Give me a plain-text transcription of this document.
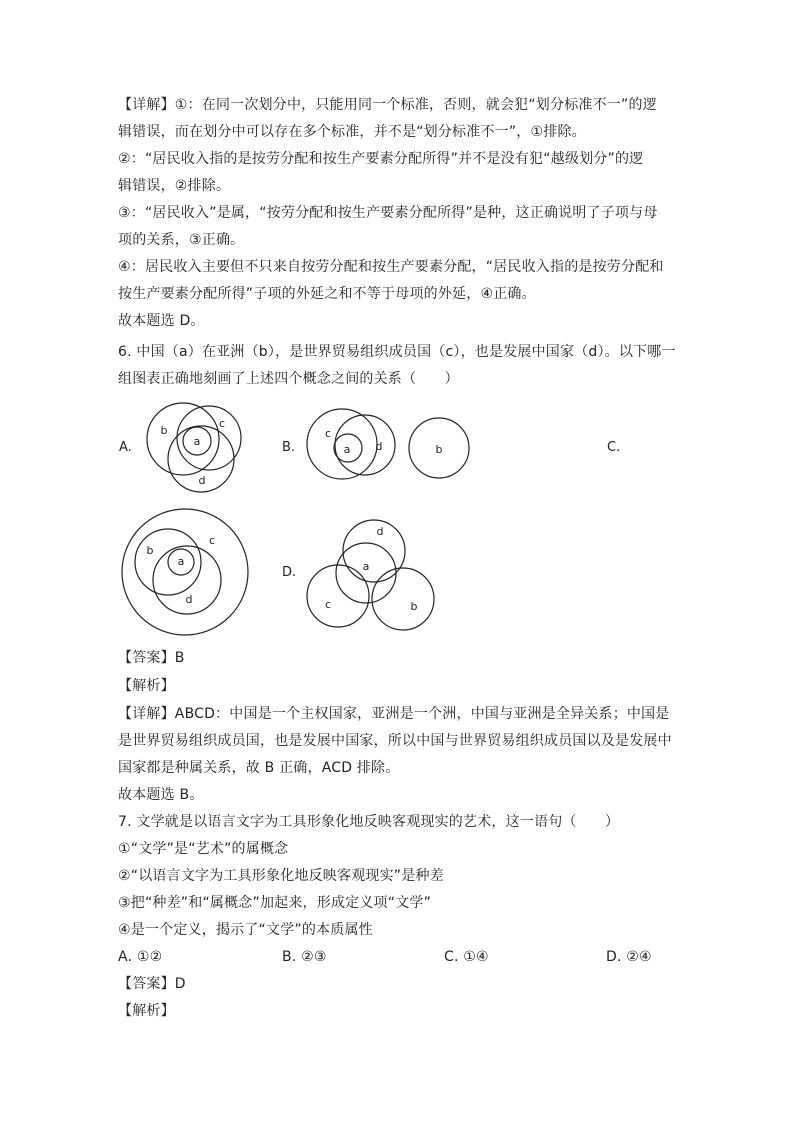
【详解】①：在同一次划分中，只能用同一个标准，否则，就会犯“划分标准不一”的逻
辑错误，而在划分中可以存在多个标准，并不是“划分标准不一”，①排除。
②：“居民收入指的是按劳分配和按生产要素分配所得”并不是没有犯“越级划分”的逻
辑错误，②排除。
③：“居民收入”是属，“按劳分配和按生产要素分配所得”是种，这正确说明了子项与母
项的关系，③正确。
④：居民收入主要但不只来自按劳分配和按生产要素分配，“居民收入指的是按劳分配和
按生产要素分配所得”子项的外延之和不等于母项的外延，④正确。
故本题选 D。
6. 中国（a）在亚洲（b），是世界贸易组织成员国（c），也是发展中国家（d）。以下哪一
组图表正确地刻画了上述四个概念之间的关系（　　）
A.	B.	C.
D.
b
c
a
d
c
a d	b
b
c
a
d
d
a
c	b
【答案】B
【解析】
【详解】ABCD：中国是一个主权国家，亚洲是一个洲，中国与亚洲是全异关系；中国是
是世界贸易组织成员国，也是发展中国家，所以中国与世界贸易组织成员国以及是发展中
国家都是种属关系，故 B 正确，ACD 排除。
故本题选 B。
7. 文学就是以语言文字为工具形象化地反映客观现实的艺术，这一语句（　　）
①“文学”是“艺术”的属概念
②“以语言文字为工具形象化地反映客观现实”是种差
③把“种差”和“属概念”加起来，形成定义项“文学”
④是一个定义，揭示了“文学”的本质属性
A. ①②	B. ②③	C. ①④	D. ②④
【答案】D
【解析】
